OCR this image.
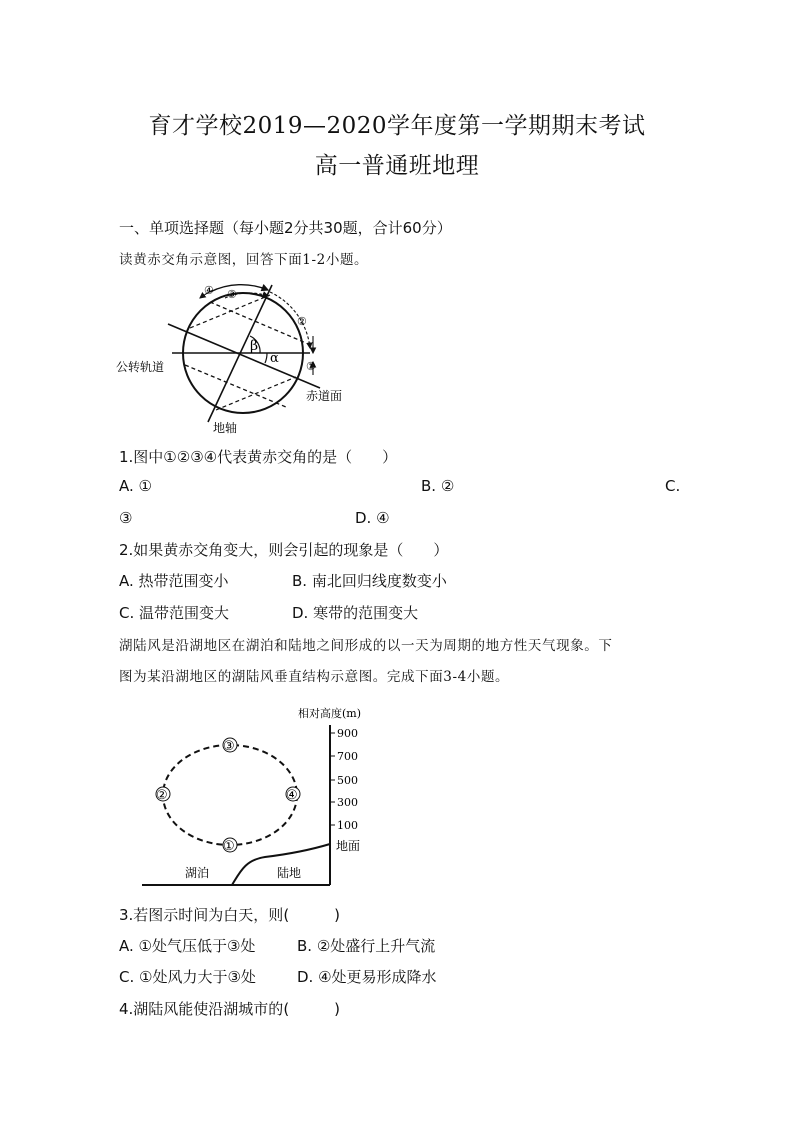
育才学校2019—2020学年度第一学期期末考试
高一普通班地理
一、单项选择题（每小题2分共30题，合计60分）
读黄赤交角示意图，回答下面1-2小题。
④ ③
②
①
β
α
公转轨道
赤道面
地轴
1.图中①②③④代表黄赤交角的是（　　）
A. ①	B. ②	C.
③	D. ④
2.如果黄赤交角变大，则会引起的现象是（　　）
A. 热带范围变小	B. 南北回归线度数变小
C. 温带范围变大	D. 寒带的范围变大
湖陆风是沿湖地区在湖泊和陆地之间形成的以一天为周期的地方性天气现象。下
图为某沿湖地区的湖陆风垂直结构示意图。完成下面3-4小题。
③
②	④
①
相对高度(m)
900
700
500
300
100
地面
湖泊	陆地
3.若图示时间为白天，则(　　　)
A. ①处气压低于③处	B. ②处盛行上升气流
C. ①处风力大于③处	D. ④处更易形成降水
4.湖陆风能使沿湖城市的(　　　)
